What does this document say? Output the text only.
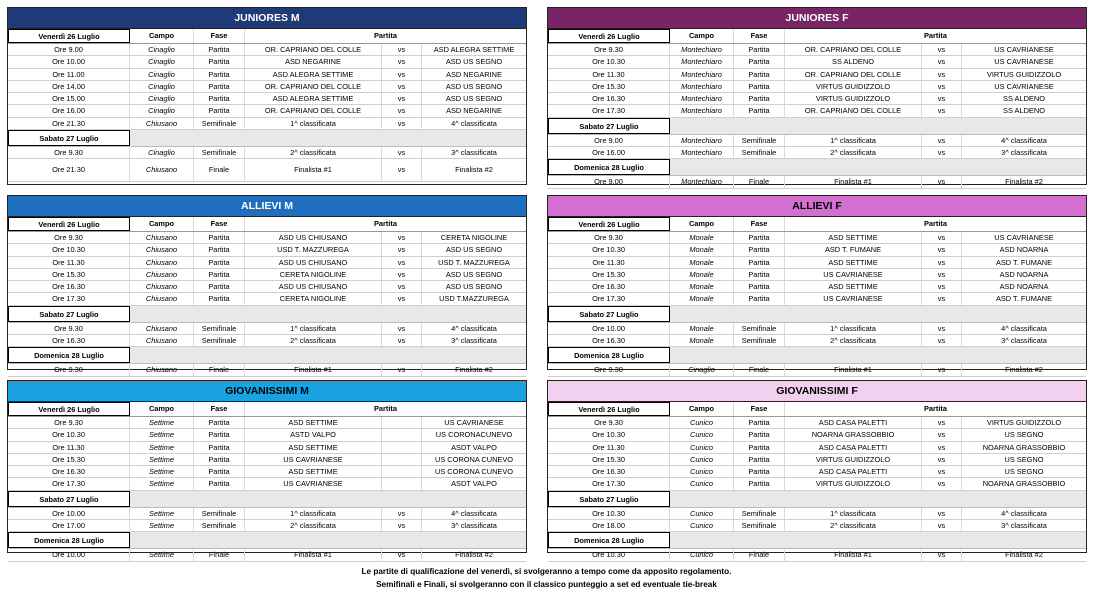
JUNIORES M
Venerdì 26 Luglio	Campo	Fase	Partita
Ore 9.00	Cinaglio	Partita	OR. CAPRIANO DEL COLLE	vs	ASD ALEGRA SETTIME
Ore 10.00	Cinaglio	Partita	ASD NEGARINE	vs	ASD US SEGNO
Ore 11.00	Cinaglio	Partita	ASD ALEGRA SETTIME	vs	ASD NEGARINE
Ore 14.00	Cinaglio	Partita	OR. CAPRIANO DEL COLLE	vs	ASD US SEGNO
Ore 15.00	Cinaglio	Partita	ASD ALEGRA SETTIME	vs	ASD US SEGNO
Ore 16.00	Cinaglio	Partita	OR. CAPRIANO DEL COLLE	vs	ASD NEGARINE
Ore 21.30	Chiusano	Semifinale	1^ classificata	vs	4^ classificata
Sabato 27 Luglio
Ore 9.30	Cinaglio	Semifinale	2^ classificata	vs	3^ classificata
Ore 21.30	Chiusano	Finale	Finalista #1	vs	Finalista #2
JUNIORES F
Venerdì 26 Luglio	Campo	Fase	Partita
Ore 9.30	Montechiaro	Partita	OR. CAPRIANO DEL COLLE	vs	US CAVRIANESE
Ore 10.30	Montechiaro	Partita	SS ALDENO	vs	US CAVRIANESE
Ore 11.30	Montechiaro	Partita	OR. CAPRIANO DEL COLLE	vs	VIRTUS GUIDIZZOLO
Ore 15.30	Montechiaro	Partita	VIRTUS GUIDIZZOLO	vs	US CAVRIANESE
Ore 16.30	Montechiaro	Partita	VIRTUS GUIDIZZOLO	vs	SS ALDENO
Ore 17.30	Montechiaro	Partita	OR. CAPRIANO DEL COLLE	vs	SS ALDENO
Sabato 27 Luglio
Ore 9.00	Montechiaro	Semifinale	1^ classificata	vs	4^ classificata
Ore 16.00	Montechiaro	Semifinale	2^ classificata	vs	3^ classificata
Domenica 28 Luglio
Ore 9.00	Montechiaro	Finale	Finalista #1	vs	Finalista #2
ALLIEVI M
Venerdì 26 Luglio	Campo	Fase	Partita
Ore 9.30	Chiusano	Partita	ASD US CHIUSANO	vs	CERETA NIGOLINE
Ore 10.30	Chiusano	Partita	USD T. MAZZUREGA	vs	ASD US SEGNO
Ore 11.30	Chiusano	Partita	ASD US CHIUSANO	vs	USD T. MAZZUREGA
Ore 15.30	Chiusano	Partita	CERETA NIGOLINE	vs	ASD US SEGNO
Ore 16.30	Chiusano	Partita	ASD US CHIUSANO	vs	ASD US SEGNO
Ore 17.30	Chiusano	Partita	CERETA NIGOLINE	vs	USD T.MAZZUREGA
Sabato 27 Luglio
Ore 9.30	Chiusano	Semifinale	1^ classificata	vs	4^ classificata
Ore 16.30	Chiusano	Semifinale	2^ classificata	vs	3^ classificata
Domenica 28 Luglio
Ore 9.30	Chiusano	Finale	Finalista #1	vs	Finalista #2
ALLIEVI F
Venerdì 26 Luglio	Campo	Fase	Partita
Ore 9.30	Monale	Partita	ASD SETTIME	vs	US CAVRIANESE
Ore 10.30	Monale	Partita	ASD T. FUMANE	vs	ASD NOARNA
Ore 11.30	Monale	Partita	ASD SETTIME	vs	ASD T. FUMANE
Ore 15.30	Monale	Partita	US CAVRIANESE	vs	ASD NOARNA
Ore 16.30	Monale	Partita	ASD SETTIME	vs	ASD NOARNA
Ore 17.30	Monale	Partita	US CAVRIANESE	vs	ASD T. FUMANE
Sabato 27 Luglio
Ore 10.00	Monale	Semifinale	1^ classificata	vs	4^ classificata
Ore 16.30	Monale	Semifinale	2^ classificata	vs	3^ classificata
Domenica 28 Luglio
Ore 9.30	Cinaglio	Finale	Finalista #1	vs	Finalista #2
GIOVANISSIMI M
Venerdì 26 Luglio	Campo	Fase	Partita
Ore 9.30	Settime	Partita	ASD SETTIME	US CAVRIANESE
Ore 10.30	Settime	Partita	ASTD VALPO	US CORONACUNEVO
Ore 11.30	Settime	Partita	ASD SETTIME	ASDT VALPO
Ore 15.30	Settime	Partita	US CAVRIANESE	US CORONA CUNEVO
Ore 16.30	Settime	Partita	ASD SETTIME	US CORONA CUNEVO
Ore 17.30	Settime	Partita	US CAVRIANESE	ASDT VALPO
Sabato 27 Luglio
Ore 10.00	Settime	Semifinale	1^ classificata	vs	4^ classificata
Ore 17.00	Settime	Semifinale	2^ classificata	vs	3^ classificata
Domenica 28 Luglio
Ore 10.00	Settime	Finale	Finalista #1	vs	Finalista #2
GIOVANISSIMI F
Venerdì 26 Luglio	Campo	Fase	Partita
Ore 9.30	Cunico	Partita	ASD CASA PALETTI	vs	VIRTUS GUIDIZZOLO
Ore 10.30	Cunico	Partita	NOARNA GRASSOBBIO	vs	US SEGNO
Ore 11.30	Cunico	Partita	ASD CASA PALETTI	vs	NOARNA GRASSOBBIO
Ore 15.30	Cunico	Partita	VIRTUS GUIDIZZOLO	vs	US SEGNO
Ore 16.30	Cunico	Partita	ASD CASA PALETTI	vs	US SEGNO
Ore 17.30	Cunico	Partita	VIRTUS GUIDIZZOLO	vs	NOARNA GRASSOBBIO
Sabato 27 Luglio
Ore 10.30	Cunico	Semifinale	1^ classificata	vs	4^ classificata
Ore 18.00	Cunico	Semifinale	2^ classificata	vs	3^ classificata
Domenica 28 Luglio
Ore 10.30	Cunico	Finale	Finalista #1	vs	Finalista #2
Le partite di qualificazione del venerdì, si svolgeranno a tempo come da apposito regolamento.
Semifinali e Finali, si svolgeranno con il classico punteggio a set ed eventuale tie-break
